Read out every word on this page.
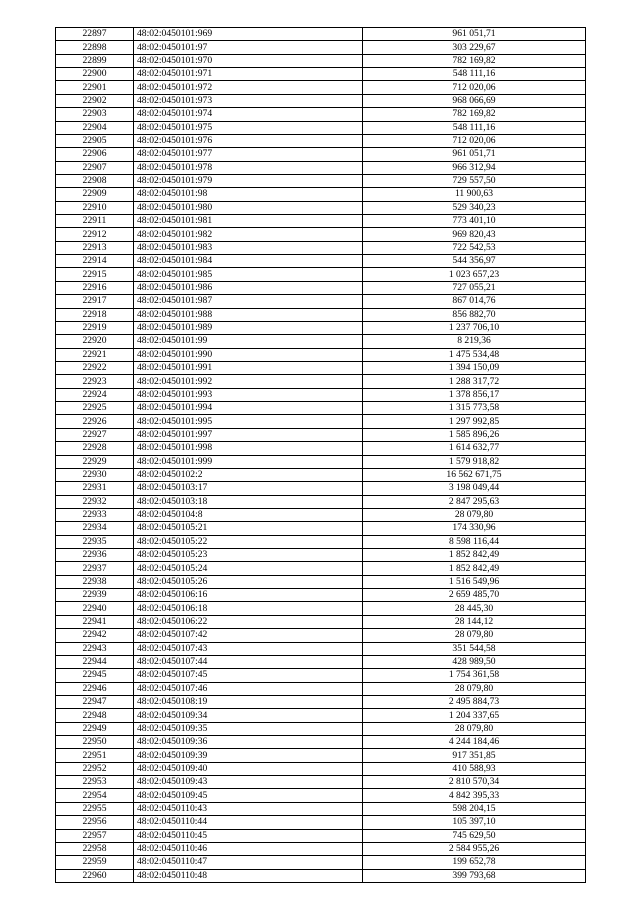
22897	48:02:0450101:969	961 051,71
22898	48:02:0450101:97	303 229,67
22899	48:02:0450101:970	782 169,82
22900	48:02:0450101:971	548 111,16
22901	48:02:0450101:972	712 020,06
22902	48:02:0450101:973	968 066,69
22903	48:02:0450101:974	782 169,82
22904	48:02:0450101:975	548 111,16
22905	48:02:0450101:976	712 020,06
22906	48:02:0450101:977	961 051,71
22907	48:02:0450101:978	966 312,94
22908	48:02:0450101:979	729 557,50
22909	48:02:0450101:98	11 900,63
22910	48:02:0450101:980	529 340,23
22911	48:02:0450101:981	773 401,10
22912	48:02:0450101:982	969 820,43
22913	48:02:0450101:983	722 542,53
22914	48:02:0450101:984	544 356,97
22915	48:02:0450101:985	1 023 657,23
22916	48:02:0450101:986	727 055,21
22917	48:02:0450101:987	867 014,76
22918	48:02:0450101:988	856 882,70
22919	48:02:0450101:989	1 237 706,10
22920	48:02:0450101:99	8 219,36
22921	48:02:0450101:990	1 475 534,48
22922	48:02:0450101:991	1 394 150,09
22923	48:02:0450101:992	1 288 317,72
22924	48:02:0450101:993	1 378 856,17
22925	48:02:0450101:994	1 315 773,58
22926	48:02:0450101:995	1 297 992,85
22927	48:02:0450101:997	1 585 896,26
22928	48:02:0450101:998	1 614 632,77
22929	48:02:0450101:999	1 579 918,82
22930	48:02:0450102:2	16 562 671,75
22931	48:02:0450103:17	3 198 049,44
22932	48:02:0450103:18	2 847 295,63
22933	48:02:0450104:8	28 079,80
22934	48:02:0450105:21	174 330,96
22935	48:02:0450105:22	8 598 116,44
22936	48:02:0450105:23	1 852 842,49
22937	48:02:0450105:24	1 852 842,49
22938	48:02:0450105:26	1 516 549,96
22939	48:02:0450106:16	2 659 485,70
22940	48:02:0450106:18	28 445,30
22941	48:02:0450106:22	28 144,12
22942	48:02:0450107:42	28 079,80
22943	48:02:0450107:43	351 544,58
22944	48:02:0450107:44	428 989,50
22945	48:02:0450107:45	1 754 361,58
22946	48:02:0450107:46	28 079,80
22947	48:02:0450108:19	2 495 884,73
22948	48:02:0450109:34	1 204 337,65
22949	48:02:0450109:35	28 079,80
22950	48:02:0450109:36	4 244 184,46
22951	48:02:0450109:39	917 351,85
22952	48:02:0450109:40	410 588,93
22953	48:02:0450109:43	2 810 570,34
22954	48:02:0450109:45	4 842 395,33
22955	48:02:0450110:43	598 204,15
22956	48:02:0450110:44	105 397,10
22957	48:02:0450110:45	745 629,50
22958	48:02:0450110:46	2 584 955,26
22959	48:02:0450110:47	199 652,78
22960	48:02:0450110:48	399 793,68
